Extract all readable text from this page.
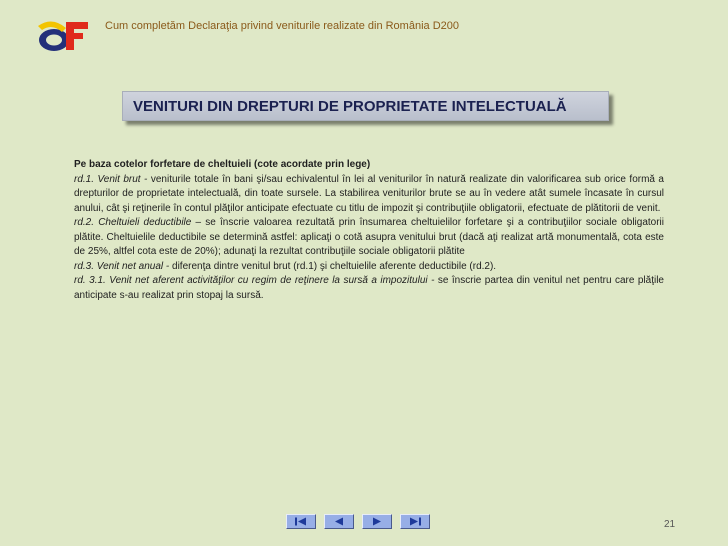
Cum completăm Declaraţia privind veniturile realizate din România D200
VENITURI DIN DREPTURI DE PROPRIETATE INTELECTUALĂ

Pe baza cotelor forfetare de cheltuieli (cote acordate prin lege)

rd.1. Venit brut - veniturile totale în bani şi/sau echivalentul în lei al veniturilor în natură realizate din valorificarea sub orice formă a drepturilor de proprietate intelectuală, din toate sursele. La stabilirea veniturilor brute se au în vedere atât sumele încasate în cursul anului, cât şi reţinerile în contul plăţilor anticipate efectuate cu titlu de impozit şi contribuţiile obligatorii, efectuate de plătitorii de venit.

rd.2. Cheltuieli deductibile – se înscrie valoarea rezultată prin însumarea cheltuielilor forfetare şi a contribuţiilor sociale obligatorii plătite. Cheltuielile deductibile se determină astfel: aplicaţi o cotă asupra venitului brut (dacă aţi realizat artă monumentală, cota este de 25%, altfel cota este de 20%); adunaţi la rezultat contribuţiile sociale obligatorii plătite

rd.3. Venit net anual - diferenţa dintre venitul brut (rd.1) şi cheltuielile aferente deductibile (rd.2).

rd. 3.1. Venit net aferent activităţilor cu regim de reţinere la sursă a impozitului - se înscrie partea din venitul net pentru care plăţile anticipate s-au realizat prin stopaj la sursă.

21
